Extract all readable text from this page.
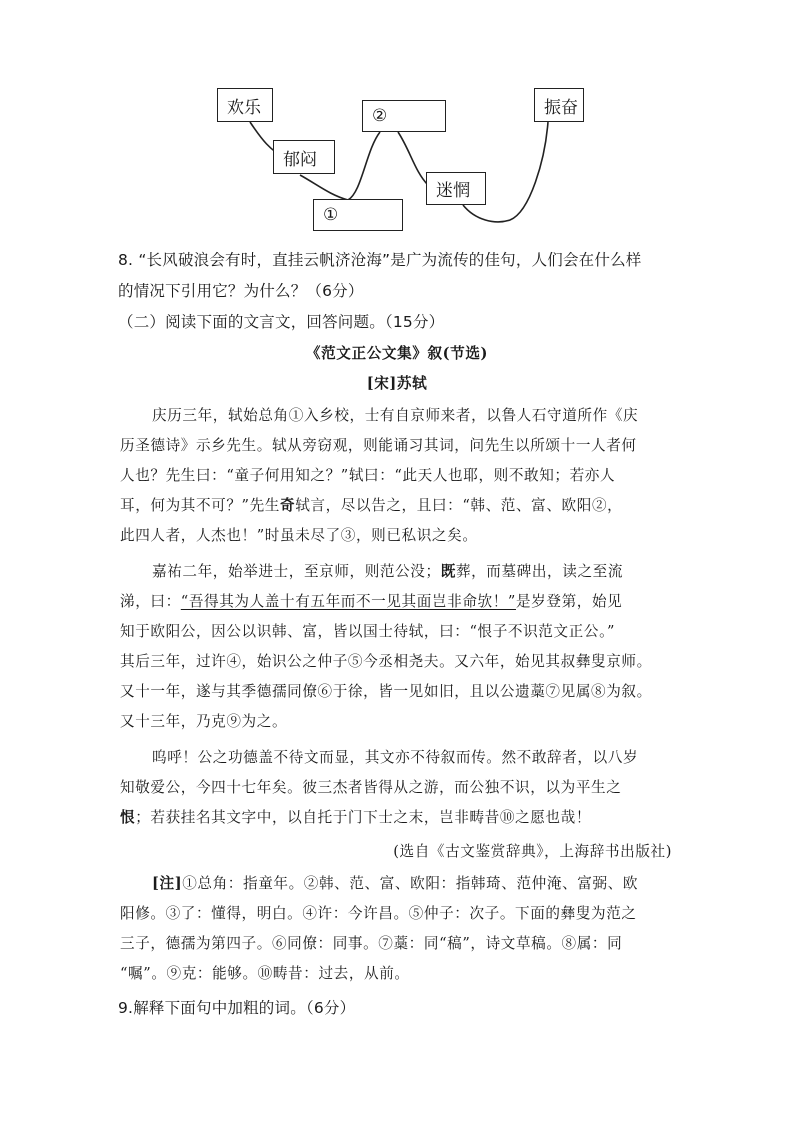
欢乐
郁闷
①
②
迷惘
振奋
8. “长风破浪会有时，直挂云帆济沧海”是广为流传的佳句，人们会在什么样
的情况下引用它？为什么？（6分）
（二）阅读下面的文言文，回答问题。（15分）
《范文正公文集》叙(节选)
[宋]苏轼
庆历三年，轼始总角①入乡校，士有自京师来者，以鲁人石守道所作《庆
历圣德诗》示乡先生。轼从旁窃观，则能诵习其词，问先生以所颂十一人者何
人也？先生曰：“童子何用知之？”轼曰：“此天人也耶，则不敢知；若亦人
耳，何为其不可？”先生奇轼言，尽以告之，且曰：“韩、范、富、欧阳②，
此四人者，人杰也！”时虽未尽了③，则已私识之矣。
嘉祐二年，始举进士，至京师，则范公没；既葬，而墓碑出，读之至流
涕，曰：“吾得其为人盖十有五年而不一见其面岂非命欤！”是岁登第，始见
知于欧阳公，因公以识韩、富，皆以国士待轼，曰：“恨子不识范文正公。”
其后三年，过许④，始识公之仲子⑤今丞相尧夫。又六年，始见其叔彝叟京师。
又十一年，遂与其季德孺同僚⑥于徐，皆一见如旧，且以公遗藁⑦见属⑧为叙。
又十三年，乃克⑨为之。
呜呼！公之功德盖不待文而显，其文亦不待叙而传。然不敢辞者，以八岁
知敬爱公，今四十七年矣。彼三杰者皆得从之游，而公独不识，以为平生之
恨；若获挂名其文字中，以自托于门下士之末，岂非畴昔⑩之愿也哉！
(选自《古文鉴赏辞典》，上海辞书出版社)
[注]①总角：指童年。②韩、范、富、欧阳：指韩琦、范仲淹、富弼、欧
阳修。③了：懂得，明白。④许：今许昌。⑤仲子：次子。下面的彝叟为范之
三子，德孺为第四子。⑥同僚：同事。⑦藁：同“稿”，诗文草稿。⑧属：同
“嘱”。⑨克：能够。⑩畴昔：过去，从前。
9.解释下面句中加粗的词。（6分）
